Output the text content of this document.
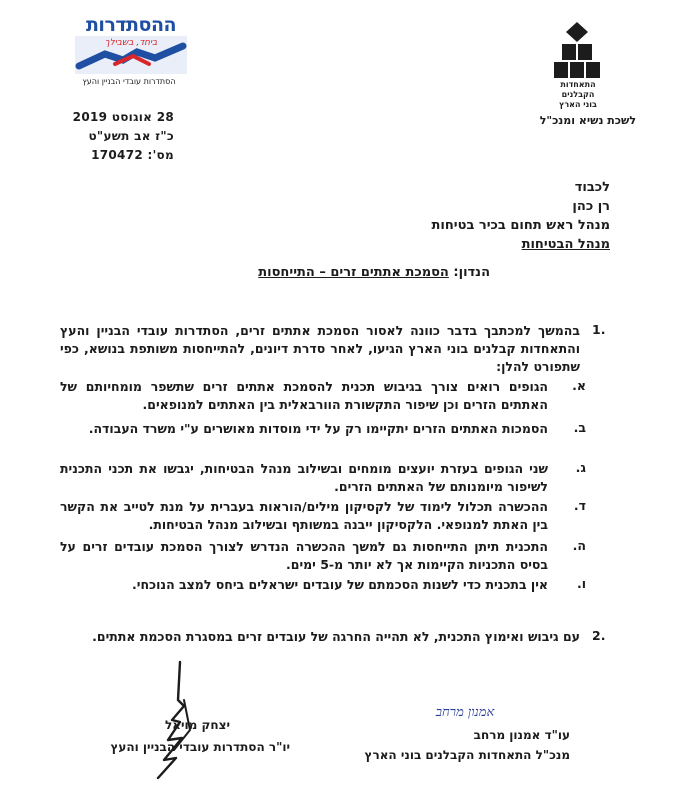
התאחדות
הקבלנים
בוני הארץ
לשכת נשיא ומנכ"ל
ההסתדרות
ביחד, בשבילך
הסתדרות עובדי הבניין והעץ
28 אוגוסט 2019
כ"ז אב תשע"ט
מס': 170472
לכבוד
רן כהן
מנהל ראש תחום בכיר בטיחות
מנהל הבטיחות
הנדון: הסמכת אתתים זרים – התייחסות
1.
בהמשך למכתבך בדבר כוונה לאסור הסמכת אתתים זרים, הסתדרות עובדי הבניין והעץ והתאחדות קבלנים בוני הארץ הגיעו, לאחר סדרת דיונים, להתייחסות משותפת בנושא, כפי שתפורט להלן:
א.
הגופים רואים צורך בגיבוש תכנית להסמכת אתתים זרים שתשפר מומחיותם של האתתים הזרים וכן שיפור התקשורת הוורבאלית בין האתתים למנופאים.
ב.
הסמכות האתתים הזרים יתקיימו רק על ידי מוסדות מאושרים ע"י משרד העבודה.
ג.
שני הגופים בעזרת יועצים מומחים ובשילוב מנהל הבטיחות, יגבשו את תכני התכנית לשיפור מיומנותם של האתתים הזרים.
ד.
ההכשרה תכלול לימוד של לקסיקון מילים/הוראות בעברית על מנת לטייב את הקשר בין האתת למנופאי. הלקסיקון ייבנה במשותף ובשילוב מנהל הבטיחות.
ה.
התכנית תיתן התייחסות גם למשך ההכשרה הנדרש לצורך הסמכת עובדים זרים על בסיס התכניות הקיימות אך לא יותר מ-5 ימים.
ו.
אין בתכנית כדי לשנות הסכמתם של עובדים ישראלים ביחס למצב הנוכחי.
2.
עם גיבוש ואימוץ התכנית, לא תהייה החרגה של עובדים זרים במסגרת הסכמת אתתים.
אמנון מרחב
עו"ד אמנון מרחב
מנכ"ל התאחדות הקבלנים בוני הארץ
יצחק מויאל
יו"ר הסתדרות עובדי הבניין והעץ
